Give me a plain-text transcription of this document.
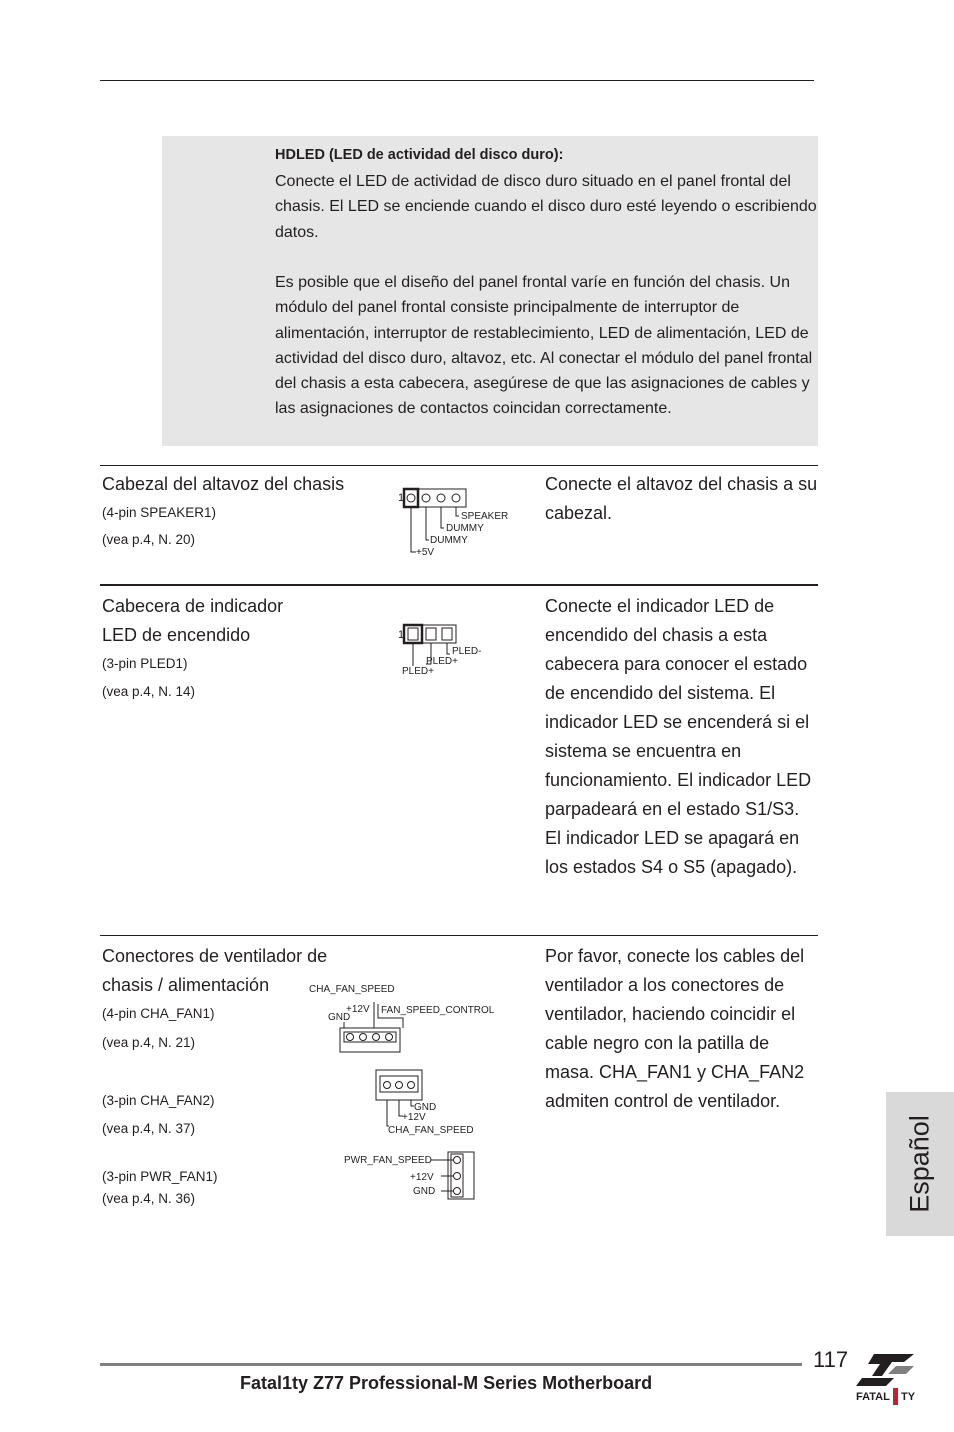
HDLED (LED de actividad del disco duro):
Conecte el LED de actividad de disco duro situado en el panel frontal del chasis. El LED se enciende cuando el disco duro esté leyendo o escribiendo datos.
Es posible que el diseño del panel frontal varíe en función del chasis. Un módulo del panel frontal consiste principalmente de interruptor de alimentación, interruptor de restablecimiento, LED de alimentación, LED de actividad del disco duro, altavoz, etc. Al conectar el módulo del panel frontal del chasis a esta cabecera, asegúrese de que las asignaciones de cables y las asignaciones de contactos coincidan correctamente.
Cabezal del altavoz del chasis
(4-pin SPEAKER1)
(vea p.4, N. 20)
Conecte el altavoz del chasis a su cabezal.
1
SPEAKER
DUMMY
DUMMY
+5V
Cabecera de indicador
LED de encendido
(3-pin PLED1)
(vea p.4, N. 14)
Conecte el indicador LED de encendido del chasis a esta cabecera para conocer el estado de encendido del sistema. El indicador LED se encenderá si el sistema se encuentra en funcionamiento. El indicador LED parpadeará en el estado S1/S3. El indicador LED se apagará en los estados S4 o S5 (apagado).
1
PLED-
PLED+
PLED+
Conectores de ventilador de
chasis / alimentación
(4-pin CHA_FAN1)
(vea p.4, N. 21)
(3-pin CHA_FAN2)
(vea p.4, N. 37)
(3-pin PWR_FAN1)
(vea p.4, N. 36)
Por favor, conecte los cables del ventilador a los conectores de ventilador, haciendo coincidir el cable negro con la patilla de masa. CHA_FAN1 y CHA_FAN2 admiten control de ventilador.
CHA_FAN_SPEED
+12V FAN_SPEED_CONTROL
GND
GND
+12V
CHA_FAN_SPEED
PWR_FAN_SPEED
+12V
GND	Español
117
Fatal1ty Z77 Professional-M Series Motherboard
FATAL TY
